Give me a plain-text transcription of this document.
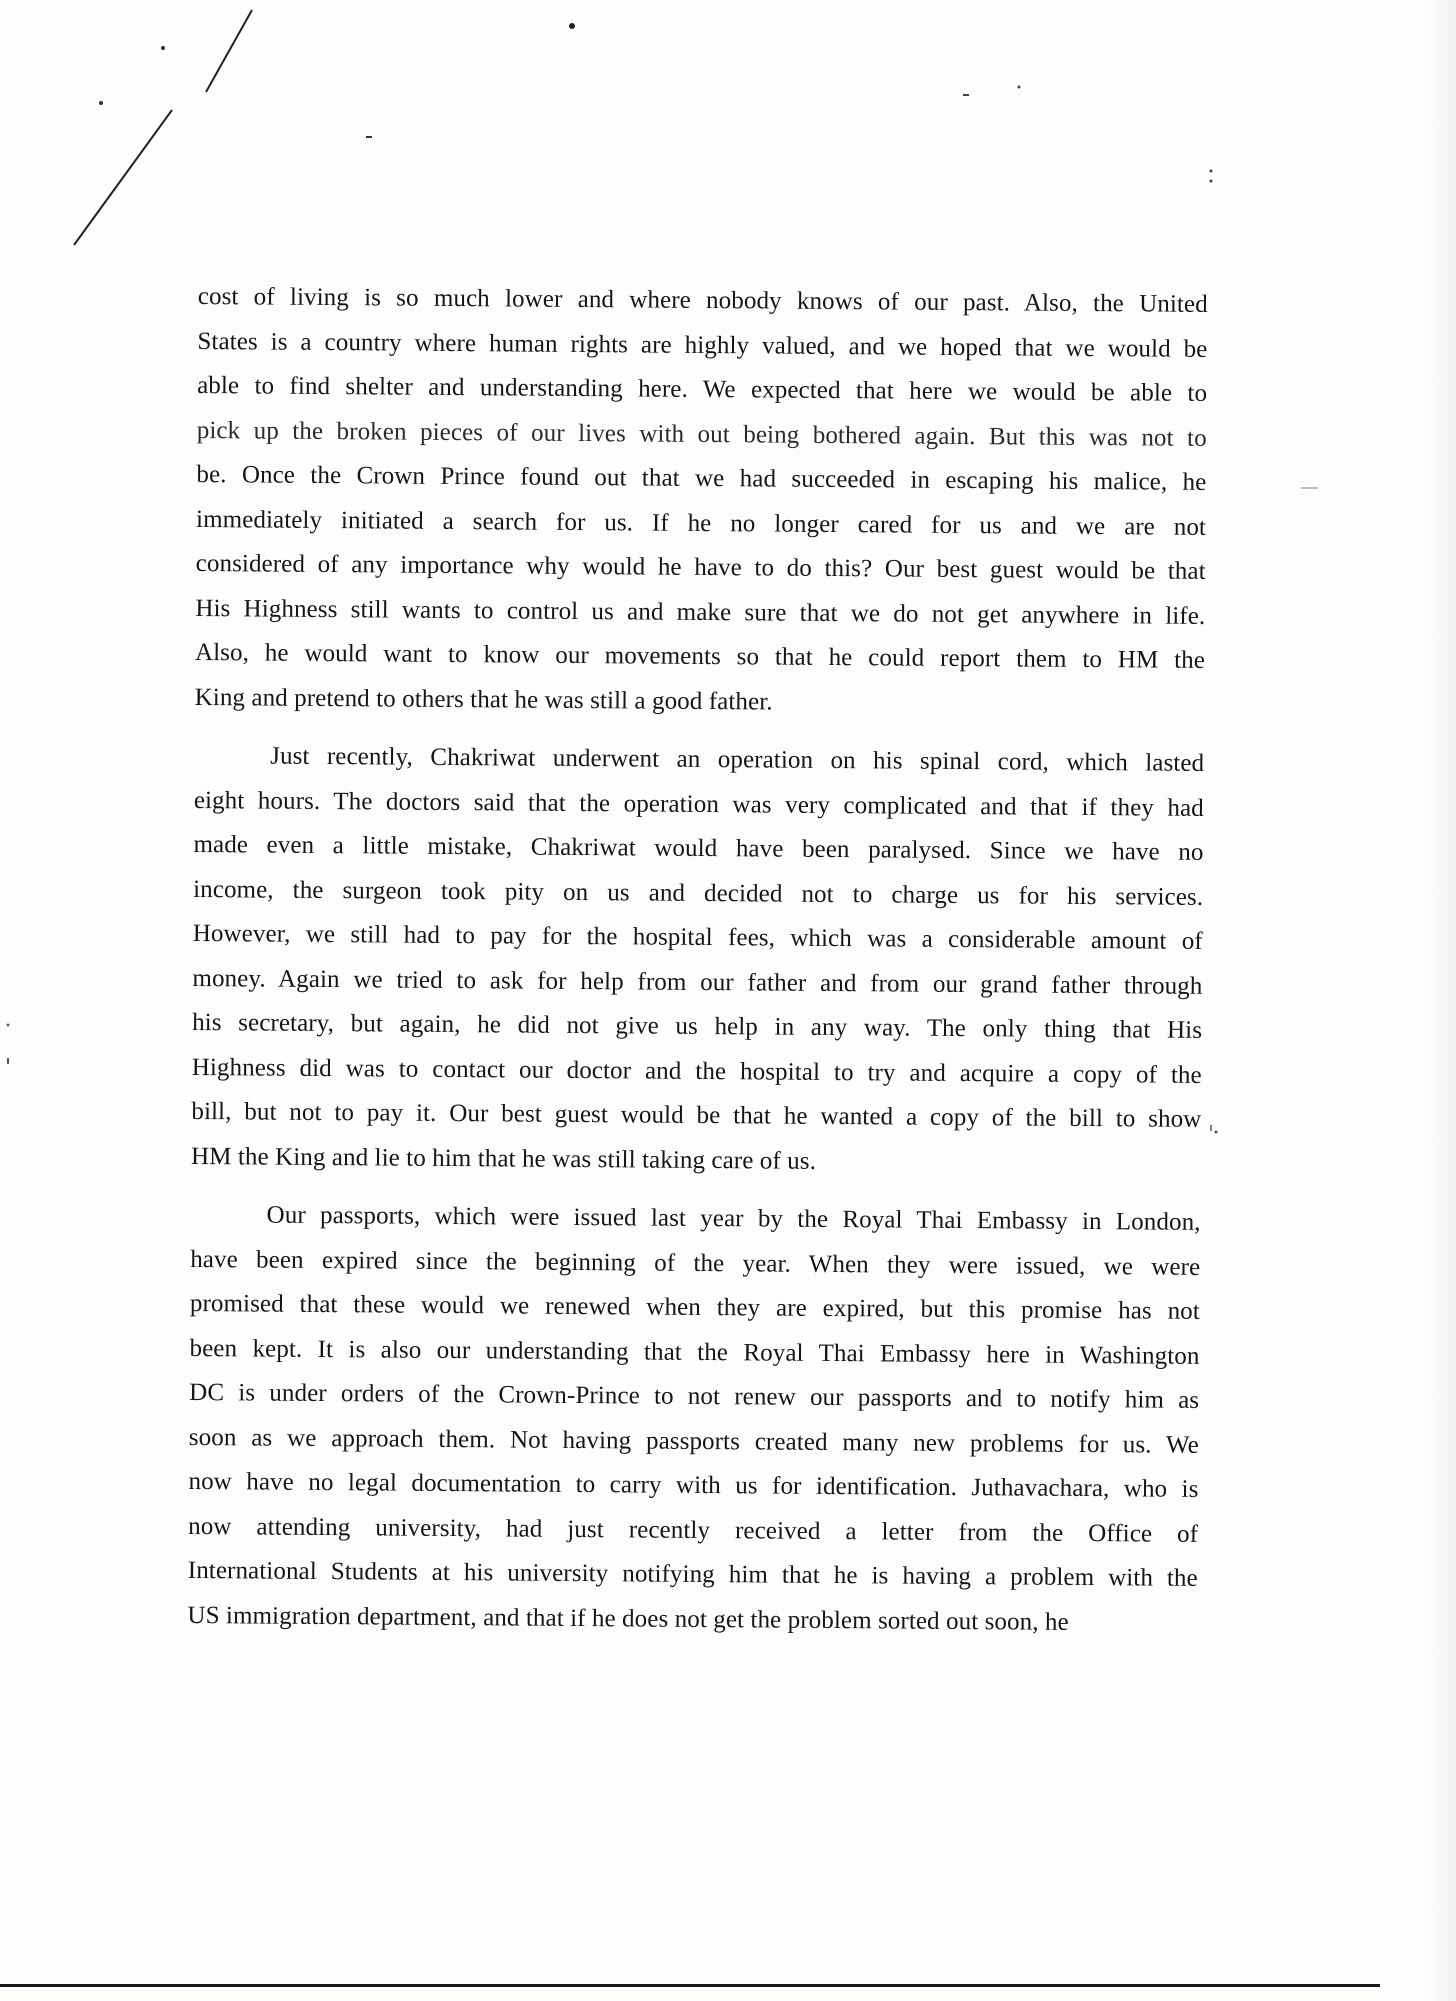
cost of living is so much lower and where nobody knows of our past. Also, the United
States is a country where human rights are highly valued, and we hoped that we would be
able to find shelter and understanding here. We expected that here we would be able to
pick up the broken pieces of our lives with out being bothered again. But this was not to
be. Once the Crown Prince found out that we had succeeded in escaping his malice, he
immediately initiated a search for us. If he no longer cared for us and we are not
considered of any importance why would he have to do this? Our best guest would be that
His Highness still wants to control us and make sure that we do not get anywhere in life.
Also, he would want to know our movements so that he could report them to HM the
King and pretend to others that he was still a good father.
Just recently, Chakriwat underwent an operation on his spinal cord, which lasted
eight hours. The doctors said that the operation was very complicated and that if they had
made even a little mistake, Chakriwat would have been paralysed. Since we have no
income, the surgeon took pity on us and decided not to charge us for his services.
However, we still had to pay for the hospital fees, which was a considerable amount of
money. Again we tried to ask for help from our father and from our grand father through
his secretary, but again, he did not give us help in any way. The only thing that His
Highness did was to contact our doctor and the hospital to try and acquire a copy of the
bill, but not to pay it. Our best guest would be that he wanted a copy of the bill to show
HM the King and lie to him that he was still taking care of us.
Our passports, which were issued last year by the Royal Thai Embassy in London,
have been expired since the beginning of the year. When they were issued, we were
promised that these would we renewed when they are expired, but this promise has not
been kept. It is also our understanding that the Royal Thai Embassy here in Washington
DC is under orders of the Crown-Prince to not renew our passports and to notify him as
soon as we approach them. Not having passports created many new problems for us. We
now have no legal documentation to carry with us for identification. Juthavachara, who is
now attending university, had just recently received a letter from the Office of
International Students at his university notifying him that he is having a problem with the
US immigration department, and that if he does not get the problem sorted out soon, he
